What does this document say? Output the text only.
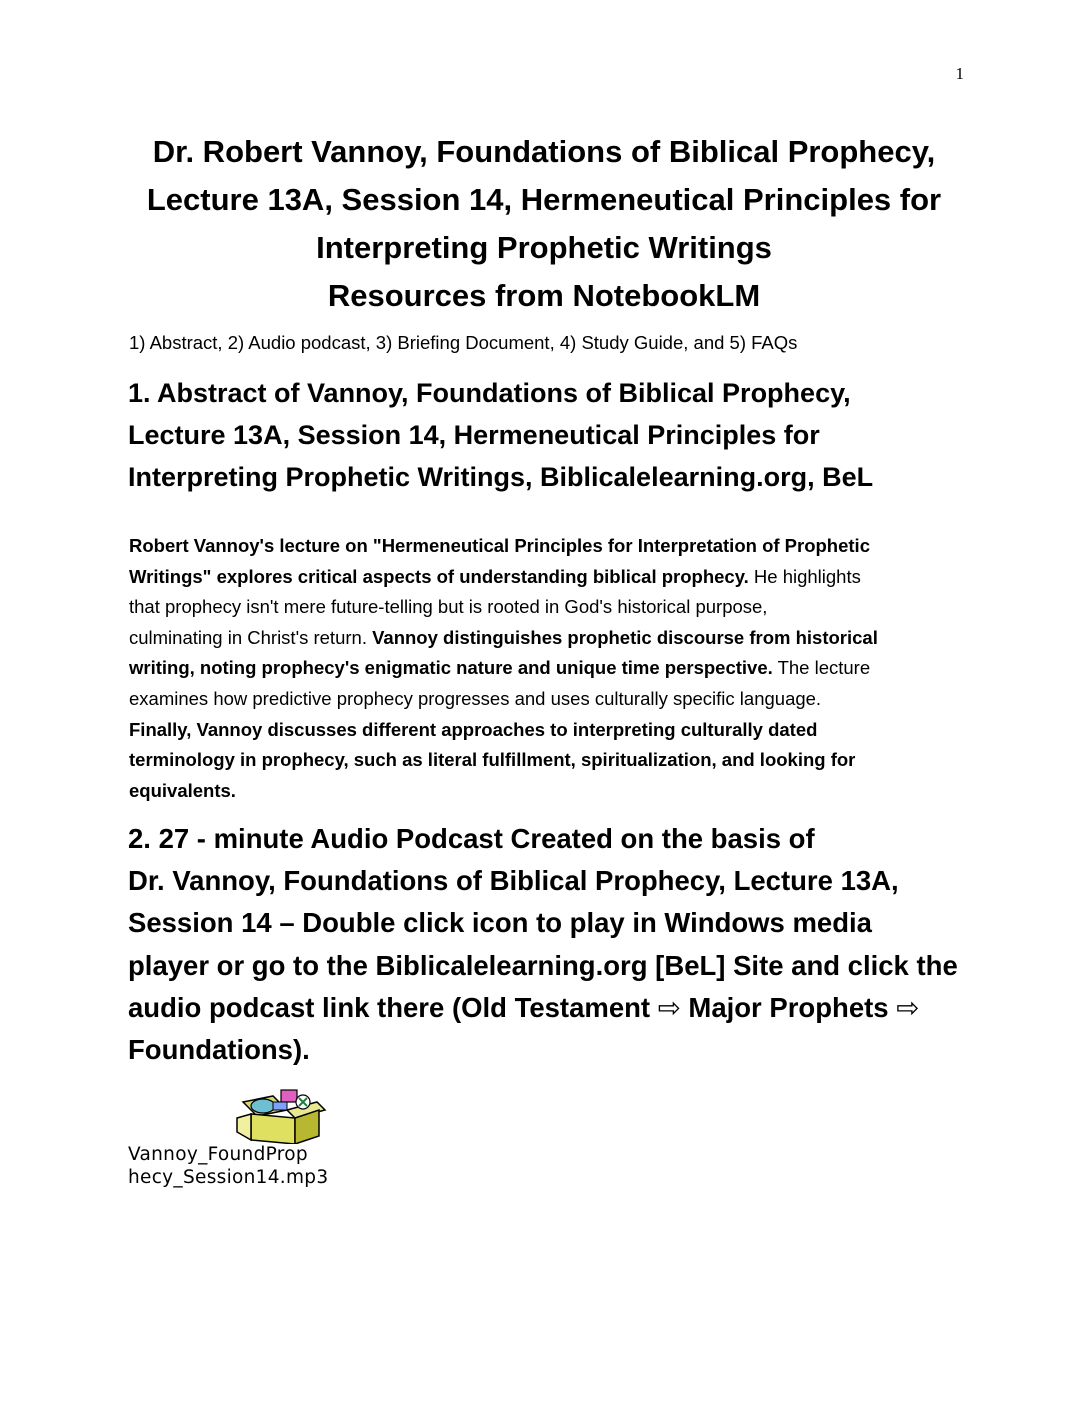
1
Dr. Robert Vannoy, Foundations of Biblical Prophecy,
Lecture 13A, Session 14, Hermeneutical Principles for
Interpreting Prophetic Writings
Resources from NotebookLM
1) Abstract, 2) Audio podcast, 3) Briefing Document, 4) Study Guide, and 5) FAQs
1. Abstract of Vannoy, Foundations of Biblical Prophecy,
Lecture 13A, Session 14, Hermeneutical Principles for
Interpreting Prophetic Writings, Biblicalelearning.org, BeL
Robert Vannoy's lecture on "Hermeneutical Principles for Interpretation of Prophetic
Writings" explores critical aspects of understanding biblical prophecy. He highlights
that prophecy isn't mere future-telling but is rooted in God's historical purpose,
culminating in Christ's return. Vannoy distinguishes prophetic discourse from historical
writing, noting prophecy's enigmatic nature and unique time perspective. The lecture
examines how predictive prophecy progresses and uses culturally specific language.
Finally, Vannoy discusses different approaches to interpreting culturally dated
terminology in prophecy, such as literal fulfillment, spiritualization, and looking for
equivalents.
2. 27 - minute Audio Podcast Created on the basis of
Dr. Vannoy, Foundations of Biblical Prophecy, Lecture 13A,
Session 14 – Double click icon to play in Windows media
player or go to the Biblicalelearning.org [BeL] Site and click the
audio podcast link there (Old Testament ⇨ Major Prophets ⇨
Foundations).
Vannoy_FoundProp
hecy_Session14.mp3
